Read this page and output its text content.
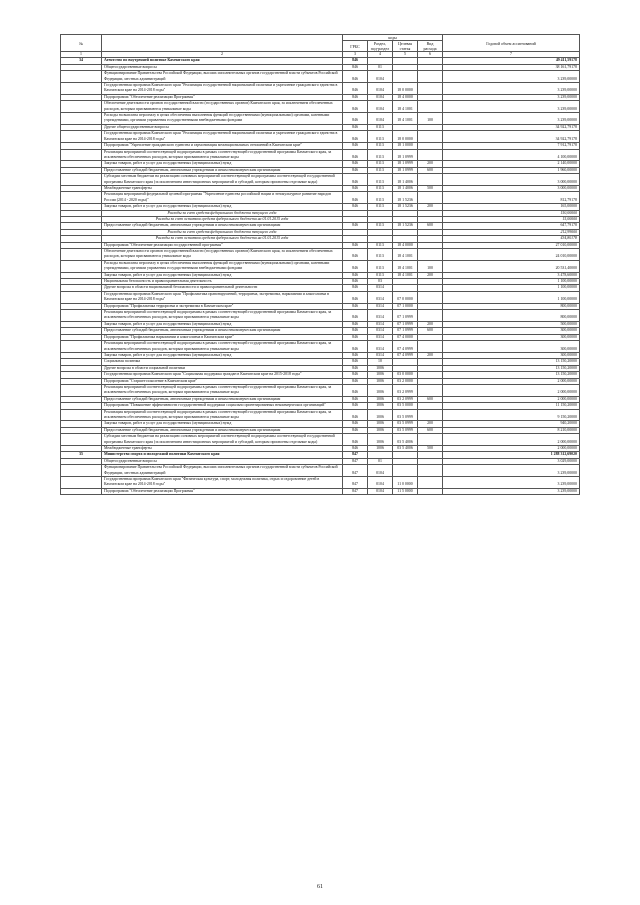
№		коды				Годовой объем ассигнований
		ГРБС	Раздел, под-раздел	Целевая статья	Вид расхода	
1	2	3	4	5	6	7
34	Агентство по внутренней политике Камчатского края	846				49 411,59178
	Общегосударственные вопросы	846	01			38 161,79178
	Функционирование Правительства Российской Федерации, высших исполнительных органов государственной власти субъектов Российской Федерации, местных администраций	846	0104			3 239,00000
	Государственная программа Камчатского края "Реализация государственной национальной политики и укрепление гражданского единства в Камчатском крае на 2014-2018 годы"	846	0104	18 0 0000		3 239,00000
	Подпрограмма "Обеспечение реализации Программы"	846	0104	18 4 0000		3 239,00000
	Обеспечение деятельности органов государственной власти (государственных органов) Камчатского края, за исключением обеспеченных расходов, которым присваиваются уникальные коды	846	0104	18 4 1001		3 239,00000
	Расходы на выплаты персоналу в целях обеспечения выполнения функций государственными (муниципальными) органами, казенными учреждениями, органами управления государственными внебюджетными фондами	846	0104	18 4 1001	100	3 239,00000
	Другие общегосударственные вопросы	846	0113			34 922,79178
	Государственная программа Камчатского края "Реализация государственной национальной политики и укрепление гражданского единства в Камчатском крае на 2014-2018 годы"	846	0113	18 0 0000		34 922,79178
	Подпрограмма "Укрепление гражданского единства и гармонизация межнациональных отношений в Камчатском крае"	846	0113	18 1 0000		7 912,79178
	Реализация мероприятий соответствующей подпрограммы в рамках соответствующей государственной программы Камчатского края, за исключением обеспеченных расходов, которым присваиваются уникальные коды	846	0113	18 1 0999		4 100,00000
	Закупка товаров, работ и услуг для государственных (муниципальных) нужд	846	0113	18 1 0999	200	2 140,00000
	Предоставление субсидий бюджетным, автономным учреждениям и иным некоммерческим организациям	846	0113	18 1 0999	600	1 960,00000
	Субсидии местным бюджетам на реализацию основных мероприятий соответствующей подпрограммы соответствующей государственной программы Камчатского края (за исключением инвестиционных мероприятий и субсидий, которым присвоены отдельные коды)	846	0113	18 1 4006		3 000,00000
	Межбюджетные трансферты	846	0113	18 1 4006	500	3 000,00000
	Реализация мероприятий федеральной целевой программы "Укрепление единства российской нации и этнокультурное развитие народов России (2014 - 2020 годы)"	846	0113	18 1 5236		812,79178
	Закупка товаров, работ и услуг для государственных (муниципальных) нужд	846	0113	18 1 5236	200	165,00000
	Расходы за счет средств федерального бюджета текущего года					150,00000
	Расходы за счет остатков средств федерального бюджета на 01.01.2015 года					15,00000
	Предоставление субсидий бюджетным, автономным учреждениям и иным некоммерческим организациям	846	0113	18 1 5236	600	647,79178
	Расходы за счет средств федерального бюджета текущего года					212,99000
	Расходы за счет остатков средств федерального бюджета на 01.01.2015 года					434,80178
	Подпрограмма "Обеспечение реализации государственной программы"	846	0113	18 4 0000		27 010,00000
	Обеспечение деятельности органов государственной власти (государственных органов) Камчатского края, за исключением обеспеченных расходов, которым присваиваются уникальные коды	846	0113	18 4 1001		24 010,00000
	Расходы на выплаты персоналу в целях обеспечения выполнения функций государственными (муниципальными) органами, казенными учреждениями, органами управления государственными внебюджетными фондами	846	0113	18 4 1001	100	20 531,40000
	Закупка товаров, работ и услуг для государственных (муниципальных) нужд	846	0113	18 4 1001	200	3 478,60000
	Национальная безопасность и правоохранительная деятельность	846	03			1 100,00000
	Другие вопросы в области национальной безопасности и правоохранительной деятельности	846	0314			1 100,00000
	Государственная программа Камчатского края "Профилактика правонарушений, терроризма, экстремизма, наркомании и алкоголизма в Камчатском крае на 2014-2018 годы"	846	0314	07 0 0000		1 100,00000
	Подпрограмма "Профилактика терроризма и экстремизма в Камчатском крае"	846	0314	07 1 0000		800,00000
	Реализация мероприятий соответствующей подпрограммы в рамках соответствующей государственной программы Камчатского края, за исключением обеспеченных расходов, которым присваиваются уникальные коды	846	0314	07 1 0999		800,00000
	Закупка товаров, работ и услуг для государственных (муниципальных) нужд	846	0314	07 1 0999	200	500,00000
	Предоставление субсидий бюджетным, автономным учреждениям и иным некоммерческим организациям	846	0314	07 1 0999	600	300,00000
	Подпрограмма "Профилактика наркомании и алкоголизма в Камчатском крае"	846	0314	07 4 0000		300,00000
	Реализация мероприятий соответствующей подпрограммы в рамках соответствующей государственной программы Камчатского края, за исключением обеспеченных расходов, которым присваиваются уникальные коды	846	0314	07 4 0999		300,00000
	Закупка товаров, работ и услуг для государственных (муниципальных) нужд	846	0314	07 4 0999	200	300,00000
	Социальная политика	846	10			13 150,20000
	Другие вопросы в области социальной политики	846	1006			13 150,20000
	Государственная программа Камчатского края "Социальная поддержка граждан в Камчатском крае на 2015-2018 годы"	846	1006	03 0 0000		13 150,20000
	Подпрограмма "Старшее поколение в Камчатском крае"	846	1006	03 2 0000		2 000,00000
	Реализация мероприятий соответствующей подпрограммы в рамках соответствующей государственной программы Камчатского края, за исключением обеспеченных расходов, которым присваиваются уникальные коды	846	1006	03 2 0999		2 000,00000
	Предоставление субсидий бюджетным, автономным учреждениям и иным некоммерческим организациям	846	1006	03 2 0999	600	2 000,00000
	Подпрограмма "Повышение эффективности государственной поддержки социально ориентированных некоммерческих организаций"	846	1006	03 5 0000		11 150,20000
	Реализация мероприятий соответствующей подпрограммы в рамках соответствующей государственной программы Камчатского края, за исключением обеспеченных расходов, которым присваиваются уникальные коды	846	1006	03 5 0999		9 150,20000
	Закупка товаров, работ и услуг для государственных (муниципальных) нужд	846	1006	03 5 0999	200	940,20000
	Предоставление субсидий бюджетным, автономным учреждениям и иным некоммерческим организациям	846	1006	03 5 0999	600	8 210,00000
	Субсидии местным бюджетам на реализацию основных мероприятий соответствующей подпрограммы соответствующей государственной программы Камчатского края (за исключением инвестиционных мероприятий и субсидий, которым присвоены отдельные коды)	846	1006	03 5 4006		2 000,00000
	Межбюджетные трансферты	846	1006	03 5 4006	500	2 000,00000
35	Министерство спорта и молодежной политики Камчатского края	847				1 288 312,69020
	Общегосударственные вопросы	847	01			3 029,00000
	Функционирование Правительства Российской Федерации, высших исполнительных органов государственной власти субъектов Российской Федерации, местных администраций	847	0104			3 239,00000
	Государственная программа Камчатского края "Физическая культура, спорт, молодежная политика, отдых и оздоровление детей в Камчатском крае на 2014-2018 годы"	847	0104	11 0 0000		3 239,00000
	Подпрограмма "Обеспечение реализации Программы"	847	0104	11 5 0000		3 239,00000
61
